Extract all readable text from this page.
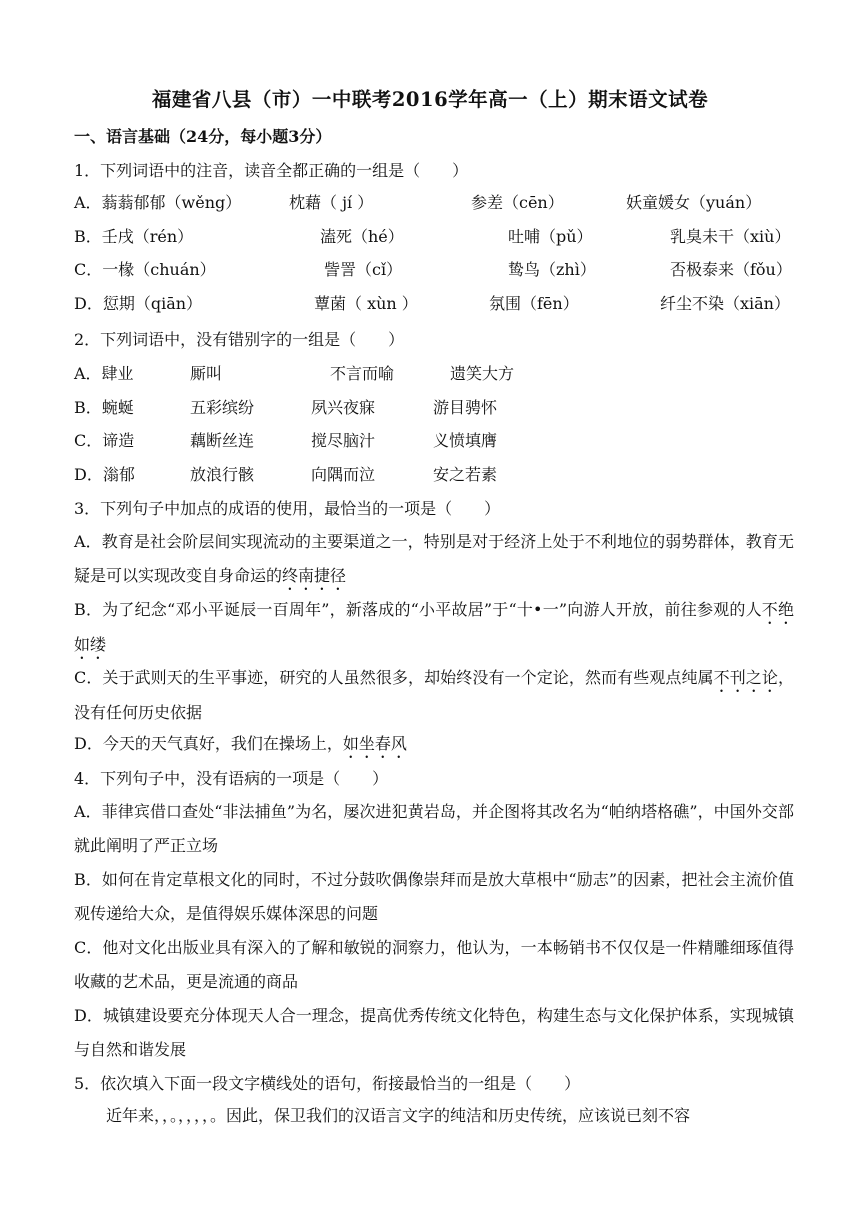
福建省八县（市）一中联考2016学年高一（上）期末语文试卷
一、语言基础（24分，每小题3分）
1．下列词语中的注音，读音全都正确的一组是（　　）
A．蓊蓊郁郁（wěng）	枕藉（ jí ）	参差（cēn）	妖童媛女（yuán）
B．壬戌（rén）	溘死（hé）	吐哺（pǔ）	乳臭未干（xiù）
C．一椽（chuán）	訾詈（cǐ）	鸷鸟（zhì）	否极泰来（fǒu）
D．愆期（qiān）	蕈菌（ xùn ）	氛围（fēn）	纤尘不染（xiān）
2．下列词语中，没有错别字的一组是（　　）
A．肆业	厮叫	不言而喻	遗笑大方
B．蜿蜒	五彩缤纷	夙兴夜寐	游目骋怀
C．谛造	藕断丝连	搅尽脑汁	义愤填膺
D．滃郁	放浪行骸	向隅而泣	安之若素
3．下列句子中加点的成语的使用，最恰当的一项是（　　）
A．教育是社会阶层间实现流动的主要渠道之一，特别是对于经济上处于不利地位的弱势群体，教育无疑是可以实现改变自身命运的终南捷径
B．为了纪念“邓小平诞辰一百周年”，新落成的“小平故居”于“十•一”向游人开放，前往参观的人不绝如缕
C．关于武则天的生平事迹，研究的人虽然很多，却始终没有一个定论，然而有些观点纯属不刊之论，没有任何历史依据
D．今天的天气真好，我们在操场上，如坐春风
4．下列句子中，没有语病的一项是（　　）
A．菲律宾借口查处“非法捕鱼”为名，屡次进犯黄岩岛，并企图将其改名为“帕纳塔格礁”，中国外交部就此阐明了严正立场
B．如何在肯定草根文化的同时，不过分鼓吹偶像崇拜而是放大草根中“励志”的因素，把社会主流价值观传递给大众，是值得娱乐媒体深思的问题
C．他对文化出版业具有深入的了解和敏锐的洞察力，他认为，一本畅销书不仅仅是一件精雕细琢值得收藏的艺术品，更是流通的商品
D．城镇建设要充分体现天人合一理念，提高优秀传统文化特色，构建生态与文化保护体系，实现城镇与自然和谐发展
5．依次填入下面一段文字横线处的语句，衔接最恰当的一组是（　　）
近年来，，。，，，，。因此，保卫我们的汉语言文字的纯洁和历史传统，应该说已刻不容
